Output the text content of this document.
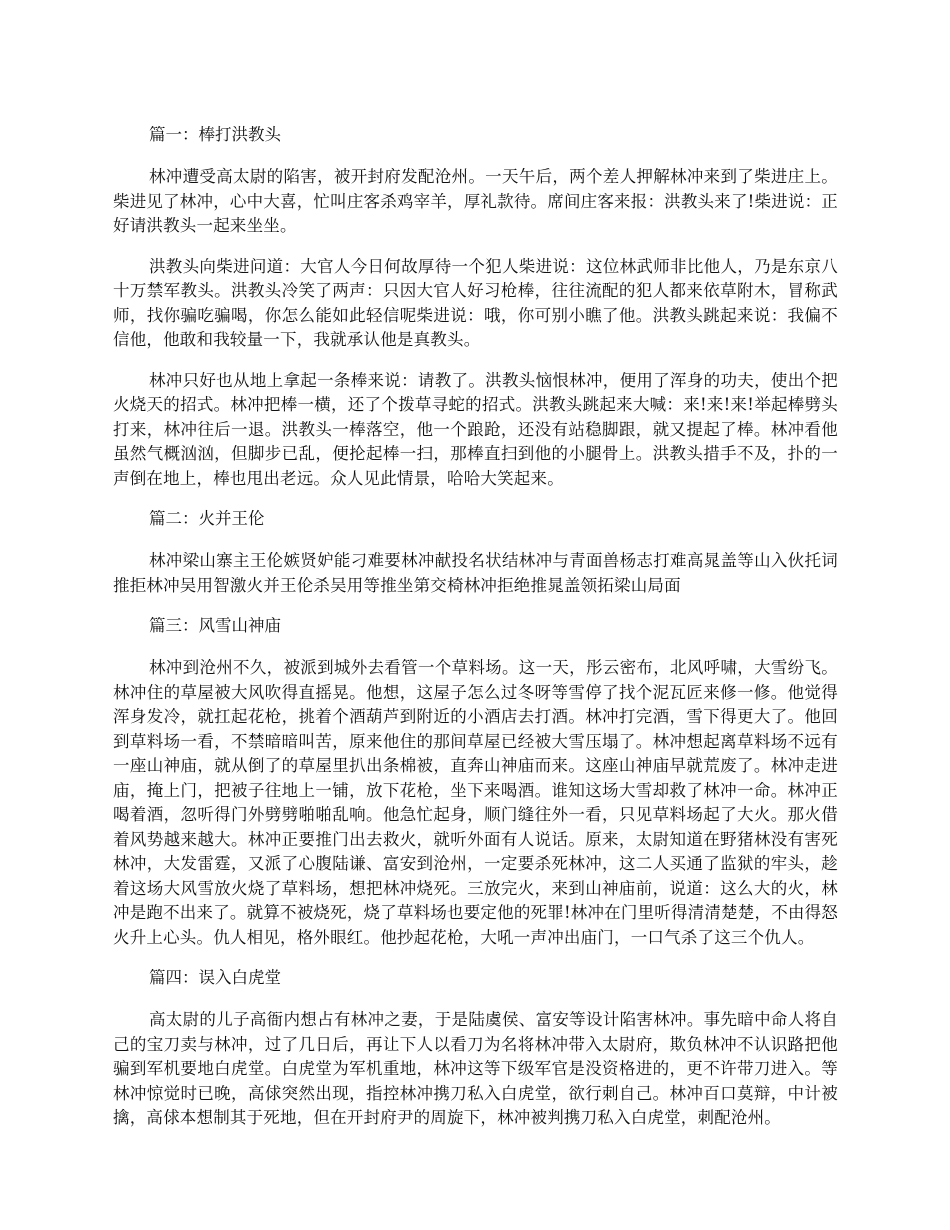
篇一：棒打洪教头

林冲遭受高太尉的陷害，被开封府发配沧州。一天午后，两个差人押解林冲来到了柴进庄上。柴进见了林冲，心中大喜，忙叫庄客杀鸡宰羊，厚礼款待。席间庄客来报：洪教头来了!柴进说：正好请洪教头一起来坐坐。

洪教头向柴进问道：大官人今日何故厚待一个犯人柴进说：这位林武师非比他人，乃是东京八十万禁军教头。洪教头冷笑了两声：只因大官人好习枪棒，往往流配的犯人都来依草附木，冒称武师，找你骗吃骗喝，你怎么能如此轻信呢柴进说：哦，你可别小瞧了他。洪教头跳起来说：我偏不信他，他敢和我较量一下，我就承认他是真教头。

林冲只好也从地上拿起一条棒来说：请教了。洪教头恼恨林冲，便用了浑身的功夫，使出个把火烧天的招式。林冲把棒一横，还了个拨草寻蛇的招式。洪教头跳起来大喊：来!来!来!举起棒劈头打来，林冲往后一退。洪教头一棒落空，他一个踉跄，还没有站稳脚跟，就又提起了棒。林冲看他虽然气概汹汹，但脚步已乱，便抡起棒一扫，那棒直扫到他的小腿骨上。洪教头措手不及，扑的一声倒在地上，棒也甩出老远。众人见此情景，哈哈大笑起来。

篇二：火并王伦

林冲梁山寨主王伦嫉贤妒能刁难要林冲献投名状结林冲与青面兽杨志打难高晁盖等山入伙托词推拒林冲吴用智激火并王伦杀吴用等推坐第交椅林冲拒绝推晁盖领拓梁山局面

篇三：风雪山神庙

林冲到沧州不久，被派到城外去看管一个草料场。这一天，彤云密布，北风呼啸，大雪纷飞。林冲住的草屋被大风吹得直摇晃。他想，这屋子怎么过冬呀等雪停了找个泥瓦匠来修一修。他觉得浑身发冷，就扛起花枪，挑着个酒葫芦到附近的小酒店去打酒。林冲打完酒，雪下得更大了。他回到草料场一看，不禁暗暗叫苦，原来他住的那间草屋已经被大雪压塌了。林冲想起离草料场不远有一座山神庙，就从倒了的草屋里扒出条棉被，直奔山神庙而来。这座山神庙早就荒废了。林冲走进庙，掩上门，把被子往地上一铺，放下花枪，坐下来喝酒。谁知这场大雪却救了林冲一命。林冲正喝着酒，忽听得门外劈劈啪啪乱响。他急忙起身，顺门缝往外一看，只见草料场起了大火。那火借着风势越来越大。林冲正要推门出去救火，就听外面有人说话。原来，太尉知道在野猪林没有害死林冲，大发雷霆，又派了心腹陆谦、富安到沧州，一定要杀死林冲，这二人买通了监狱的牢头，趁着这场大风雪放火烧了草料场，想把林冲烧死。三放完火，来到山神庙前，说道：这么大的火，林冲是跑不出来了。就算不被烧死，烧了草料场也要定他的死罪!林冲在门里听得清清楚楚，不由得怒火升上心头。仇人相见，格外眼红。他抄起花枪，大吼一声冲出庙门，一口气杀了这三个仇人。

篇四：误入白虎堂

高太尉的儿子高衙内想占有林冲之妻，于是陆虞侯、富安等设计陷害林冲。事先暗中命人将自己的宝刀卖与林冲，过了几日后，再让下人以看刀为名将林冲带入太尉府，欺负林冲不认识路把他骗到军机要地白虎堂。白虎堂为军机重地，林冲这等下级军官是没资格进的，更不许带刀进入。等林冲惊觉时已晚，高俅突然出现，指控林冲携刀私入白虎堂，欲行刺自己。林冲百口莫辩，中计被擒，高俅本想制其于死地，但在开封府尹的周旋下，林冲被判携刀私入白虎堂，刺配沧州。
